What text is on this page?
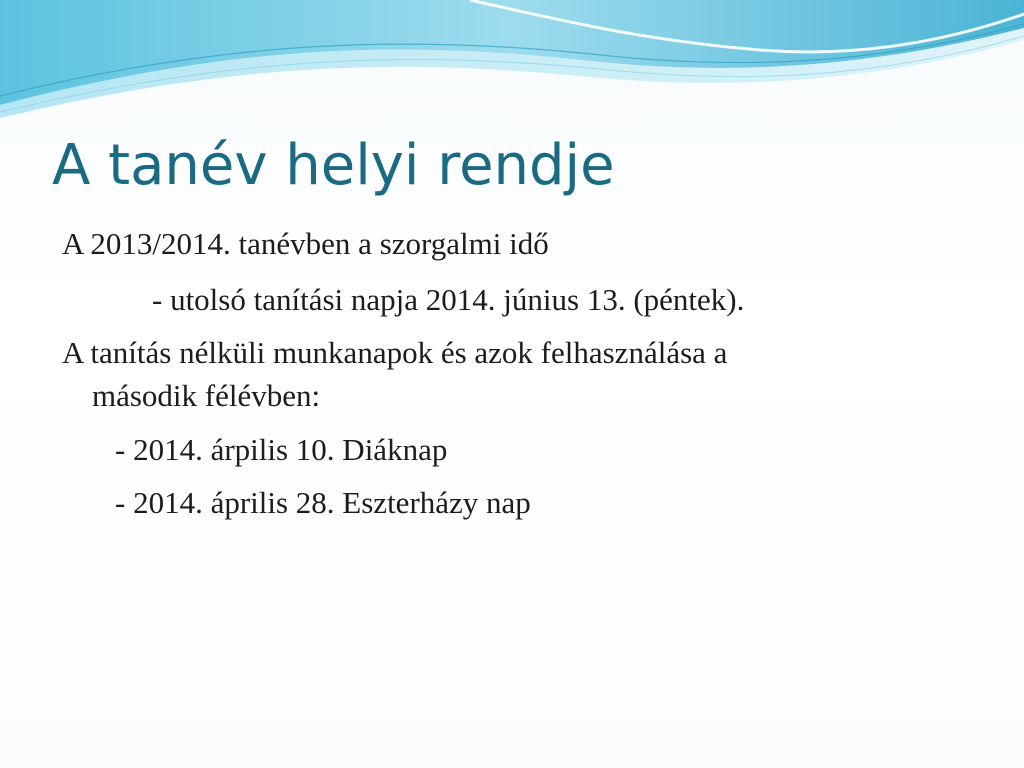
A tanév helyi rendje

A 2013/2014. tanévben a szorgalmi idő

- utolsó tanítási napja 2014. június 13. (péntek).

A tanítás nélküli munkanapok és azok felhasználása a

második félévben:

- 2014. árpilis 10. Diáknap

- 2014. április 28. Eszterházy nap
